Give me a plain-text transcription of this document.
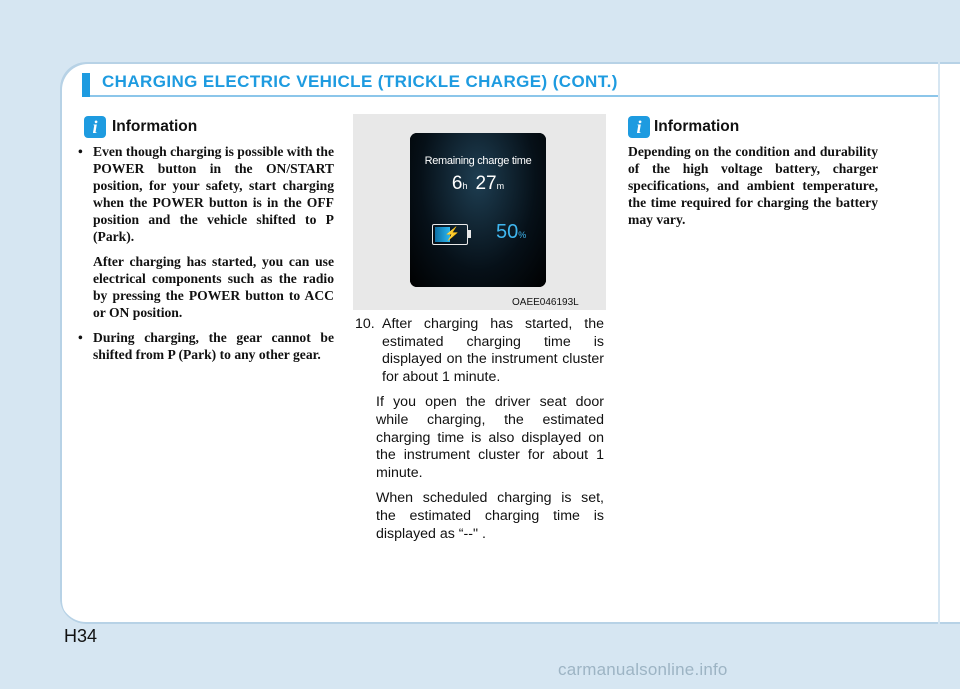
CHARGING ELECTRIC VEHICLE (TRICKLE CHARGE) (CONT.)
i Information

• Even though charging is possible with the POWER button in the ON/START position, for your safety, start charging when the POWER button is in the OFF position and the vehicle shifted to P (Park).

After charging has started, you can use electrical components such as the radio by pressing the POWER button to ACC or ON position.

• During charging, the gear cannot be shifted from P (Park) to any other gear.

Remaining charge time
6h 27m
⚡ 50%
OAEE046193L

10. After charging has started, the estimated charging time is displayed on the instrument cluster for about 1 minute.

If you open the driver seat door while charging, the estimated charging time is also displayed on the instrument cluster for about 1 minute.

When scheduled charging is set, the estimated charging time is displayed as “--" .

i Information

Depending on the condition and durability of the high voltage battery, charger specifications, and ambient temperature, the time required for charging the battery may vary.

H34
carmanualsonline.info
